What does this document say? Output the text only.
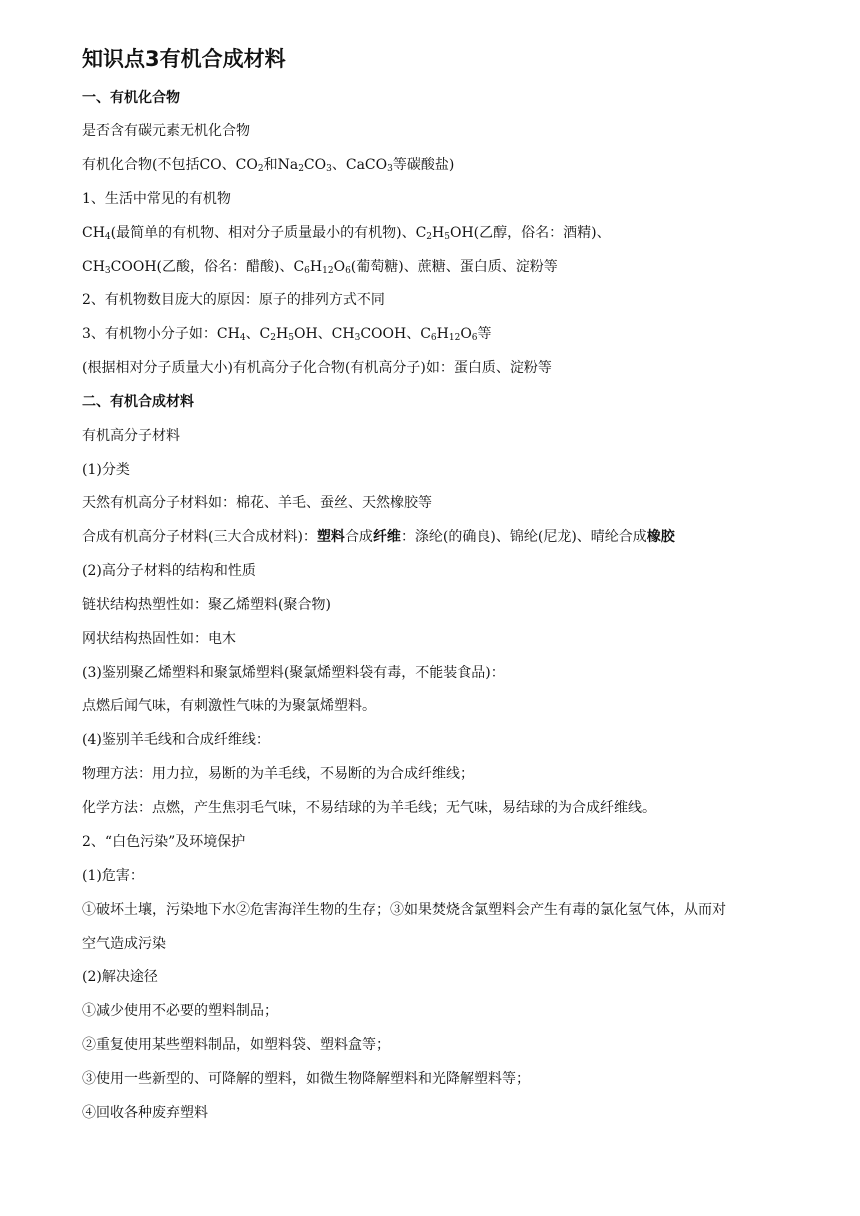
知识点3有机合成材料
一、有机化合物
是否含有碳元素无机化合物
有机化合物(不包括CO、$CO_2$和$Na_2CO_3$、CaCO$_3$等碳酸盐)
1、生活中常见的有机物
$CH_4$(最简单的有机物、相对分子质量最小的有机物)、$C_2H_5OH$(乙醇，俗名：酒精)、
$CH_3COOH$(乙酸，俗名：醋酸)、$C_6H_{12}O_6$(葡萄糖)、蔗糖、蛋白质、淀粉等
2、有机物数目庞大的原因：原子的排列方式不同
3、有机物小分子如：$CH_4$、$C_2H_5OH$、$CH_3COOH$、$C_6H_{12}O_6$等
(根据相对分子质量大小)有机高分子化合物(有机高分子)如：蛋白质、淀粉等
二、有机合成材料
有机高分子材料
(1)分类
天然有机高分子材料如：棉花、羊毛、蚕丝、天然橡胶等
合成有机高分子材料(三大合成材料)：塑料合成纤维：涤纶(的确良)、锦纶(尼龙)、晴纶合成橡胶
(2)高分子材料的结构和性质
链状结构热塑性如：聚乙烯塑料(聚合物)
网状结构热固性如：电木
(3)鉴别聚乙烯塑料和聚氯烯塑料(聚氯烯塑料袋有毒，不能装食品)：
点燃后闻气味，有刺激性气味的为聚氯烯塑料。
(4)鉴别羊毛线和合成纤维线：
物理方法：用力拉，易断的为羊毛线，不易断的为合成纤维线；
化学方法：点燃，产生焦羽毛气味，不易结球的为羊毛线；无气味，易结球的为合成纤维线。
2、“白色污染”及环境保护
(1)危害：
①破坏土壤，污染地下水②危害海洋生物的生存；③如果焚烧含氯塑料会产生有毒的氯化氢气体，从而对
空气造成污染
(2)解决途径
①减少使用不必要的塑料制品；
②重复使用某些塑料制品，如塑料袋、塑料盒等；
③使用一些新型的、可降解的塑料，如微生物降解塑料和光降解塑料等；
④回收各种废弃塑料
